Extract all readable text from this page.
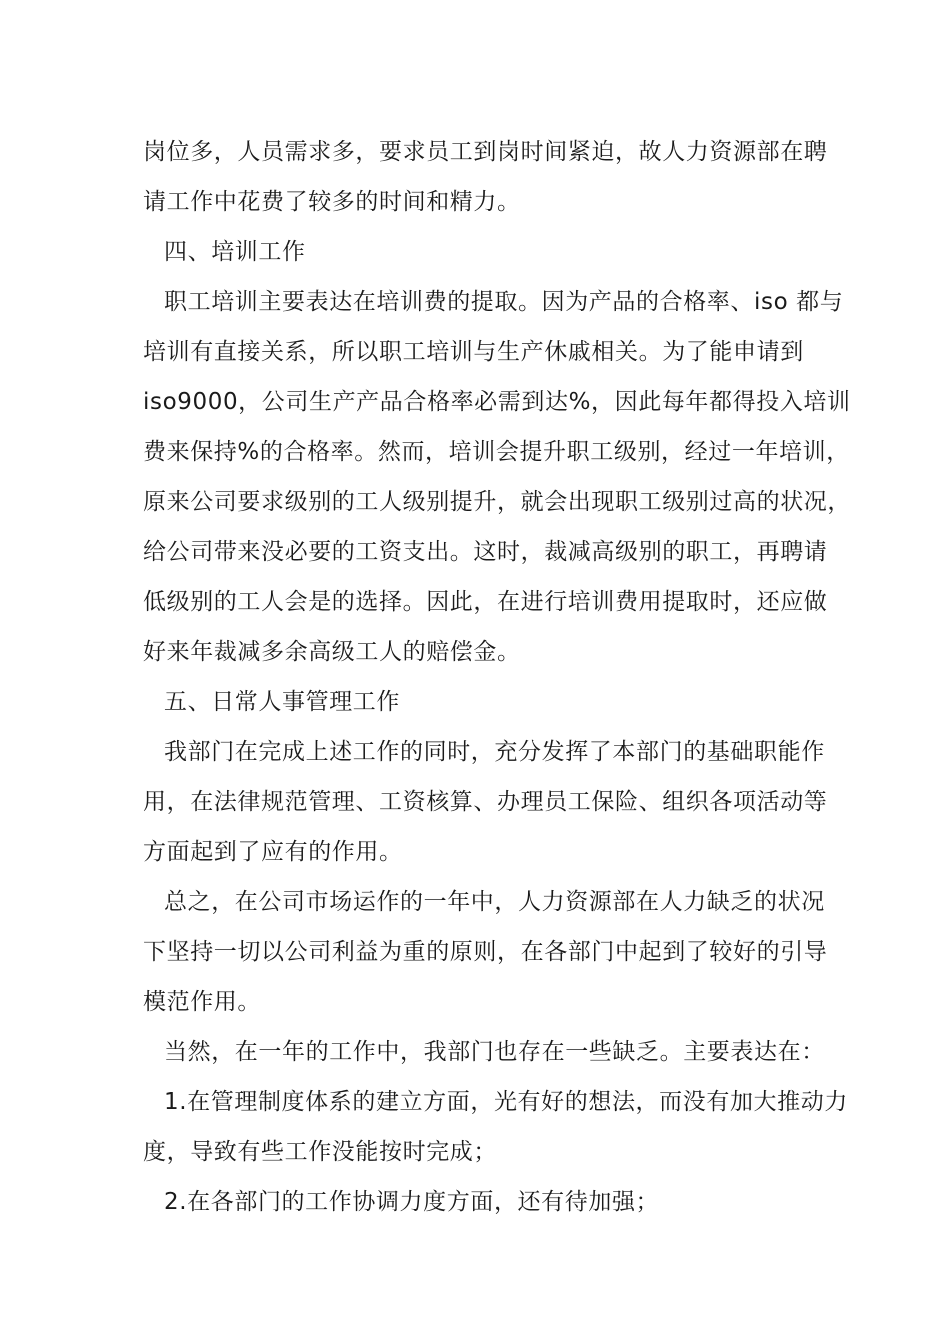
岗位多，人员需求多，要求员工到岗时间紧迫，故人力资源部在聘
请工作中花费了较多的时间和精力。
四、培训工作
职工培训主要表达在培训费的提取。因为产品的合格率、iso 都与
培训有直接关系，所以职工培训与生产休戚相关。为了能申请到
iso9000，公司生产产品合格率必需到达%，因此每年都得投入培训
费来保持%的合格率。然而，培训会提升职工级别，经过一年培训，
原来公司要求级别的工人级别提升，就会出现职工级别过高的状况，
给公司带来没必要的工资支出。这时，裁减高级别的职工，再聘请
低级别的工人会是的选择。因此，在进行培训费用提取时，还应做
好来年裁减多余高级工人的赔偿金。
五、日常人事管理工作
我部门在完成上述工作的同时，充分发挥了本部门的基础职能作
用，在法律规范管理、工资核算、办理员工保险、组织各项活动等
方面起到了应有的作用。
总之，在公司市场运作的一年中，人力资源部在人力缺乏的状况
下坚持一切以公司利益为重的原则，在各部门中起到了较好的引导
模范作用。
当然，在一年的工作中，我部门也存在一些缺乏。主要表达在：
1.在管理制度体系的建立方面，光有好的想法，而没有加大推动力
度，导致有些工作没能按时完成；
2.在各部门的工作协调力度方面，还有待加强；
